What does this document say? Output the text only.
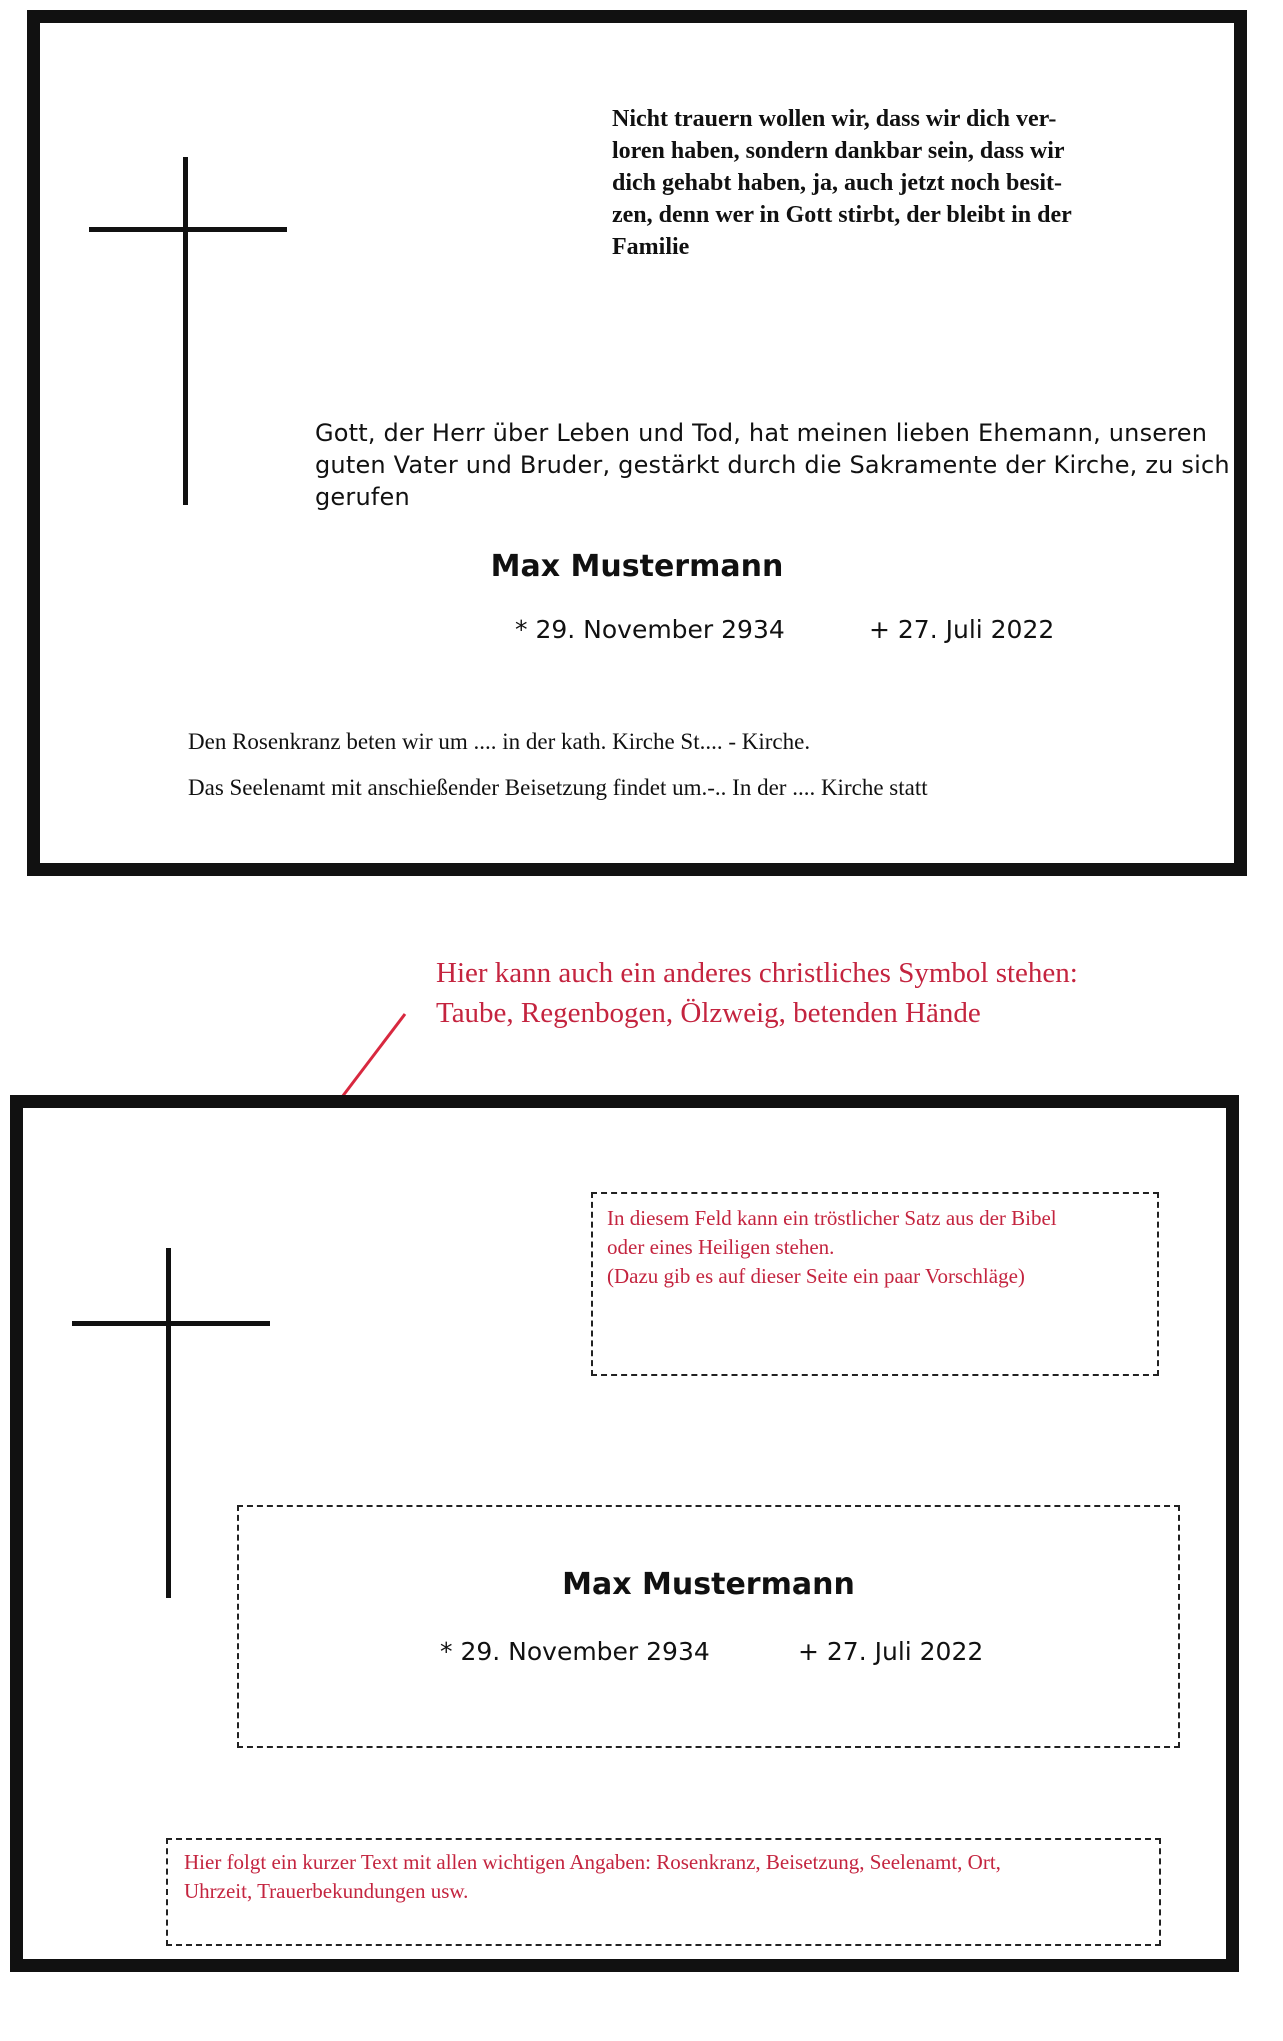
Nicht trauern wollen wir, dass wir dich ver-
loren haben, sondern dankbar sein, dass wir
dich gehabt haben, ja, auch jetzt noch besit-
zen, denn wer in Gott stirbt, der bleibt in der
Familie
Gott, der Herr über Leben und Tod, hat meinen lieben Ehemann, unseren
guten Vater und Bruder, gestärkt durch die Sakramente der Kirche, zu sich
gerufen
Max Mustermann
* 29. November 2934	+ 27. Juli 2022
Den Rosenkranz beten wir um .... in der kath. Kirche St.... - Kirche.
Das Seelenamt mit anschießender Beisetzung findet um.-.. In der .... Kirche statt
Hier kann auch ein anderes christliches Symbol stehen:
Taube, Regenbogen, Ölzweig, betenden Hände
In diesem Feld kann ein tröstlicher Satz aus der Bibel
oder eines Heiligen stehen.
(Dazu gib es auf dieser Seite ein paar Vorschläge)
Max Mustermann
* 29. November 2934	+ 27. Juli 2022
Hier folgt ein kurzer Text mit allen wichtigen Angaben: Rosenkranz, Beisetzung, Seelenamt, Ort,
Uhrzeit, Trauerbekundungen usw.
